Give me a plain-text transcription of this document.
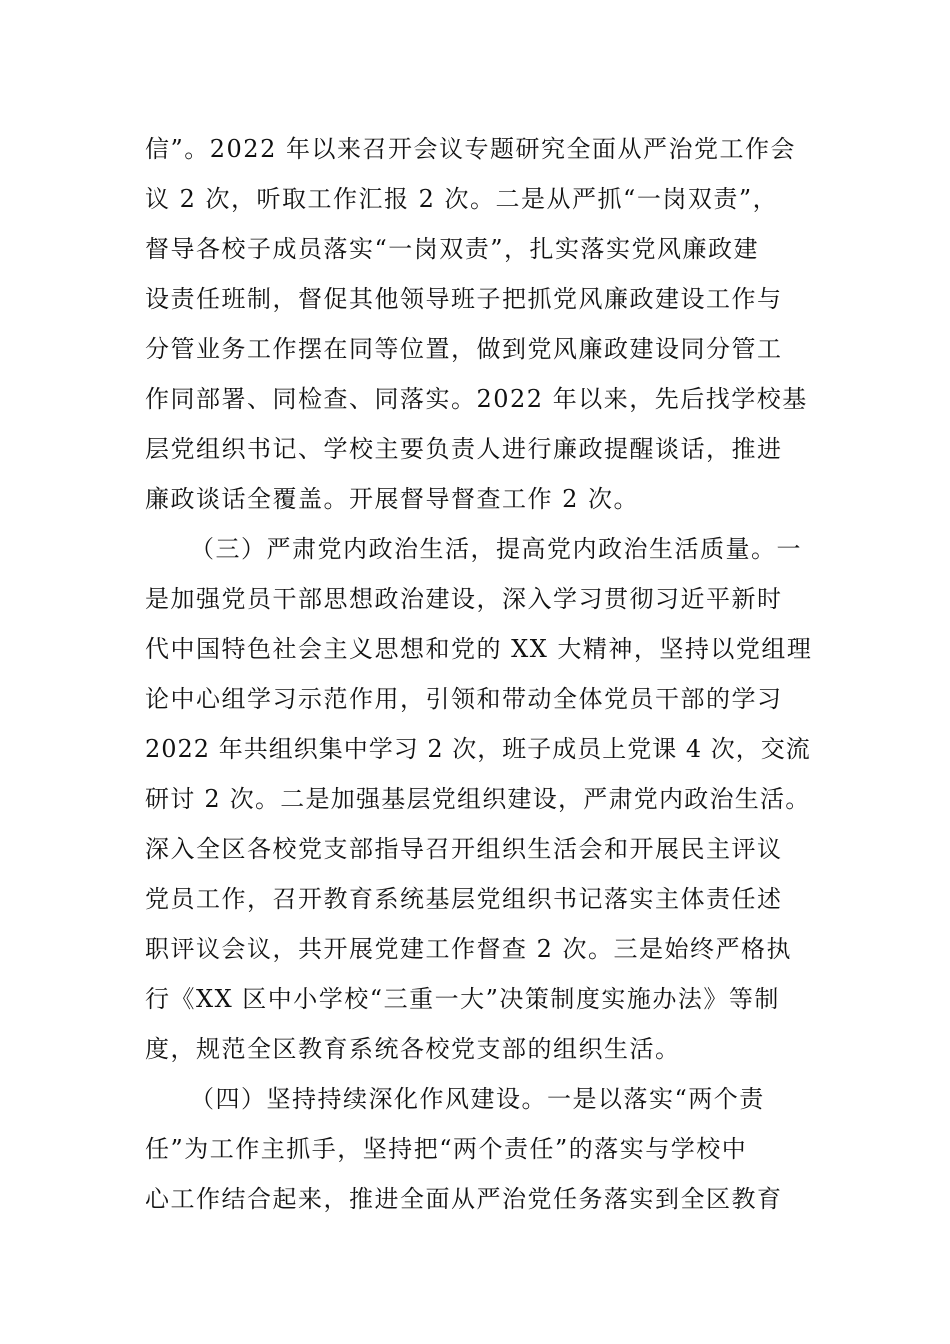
信”。2022 年以来召开会议专题研究全面从严治党工作会
议 2 次，听取工作汇报 2 次。二是从严抓“一岗双责”，
督导各校子成员落实“一岗双责”，扎实落实党风廉政建
设责任班制，督促其他领导班子把抓党风廉政建设工作与
分管业务工作摆在同等位置，做到党风廉政建设同分管工
作同部署、同检查、同落实。2022 年以来，先后找学校基
层党组织书记、学校主要负责人进行廉政提醒谈话，推进
廉政谈话全覆盖。开展督导督查工作 2 次。
（三）严肃党内政治生活，提高党内政治生活质量。一
是加强党员干部思想政治建设，深入学习贯彻习近平新时
代中国特色社会主义思想和党的 XX 大精神，坚持以党组理
论中心组学习示范作用，引领和带动全体党员干部的学习
2022 年共组织集中学习 2 次，班子成员上党课 4 次，交流
研讨 2 次。二是加强基层党组织建设，严肃党内政治生活。
深入全区各校党支部指导召开组织生活会和开展民主评议
党员工作，召开教育系统基层党组织书记落实主体责任述
职评议会议，共开展党建工作督查 2 次。三是始终严格执
行《XX 区中小学校“三重一大”决策制度实施办法》等制
度，规范全区教育系统各校党支部的组织生活。
（四）坚持持续深化作风建设。一是以落实“两个责
任”为工作主抓手，坚持把“两个责任”的落实与学校中
心工作结合起来，推进全面从严治党任务落实到全区教育
